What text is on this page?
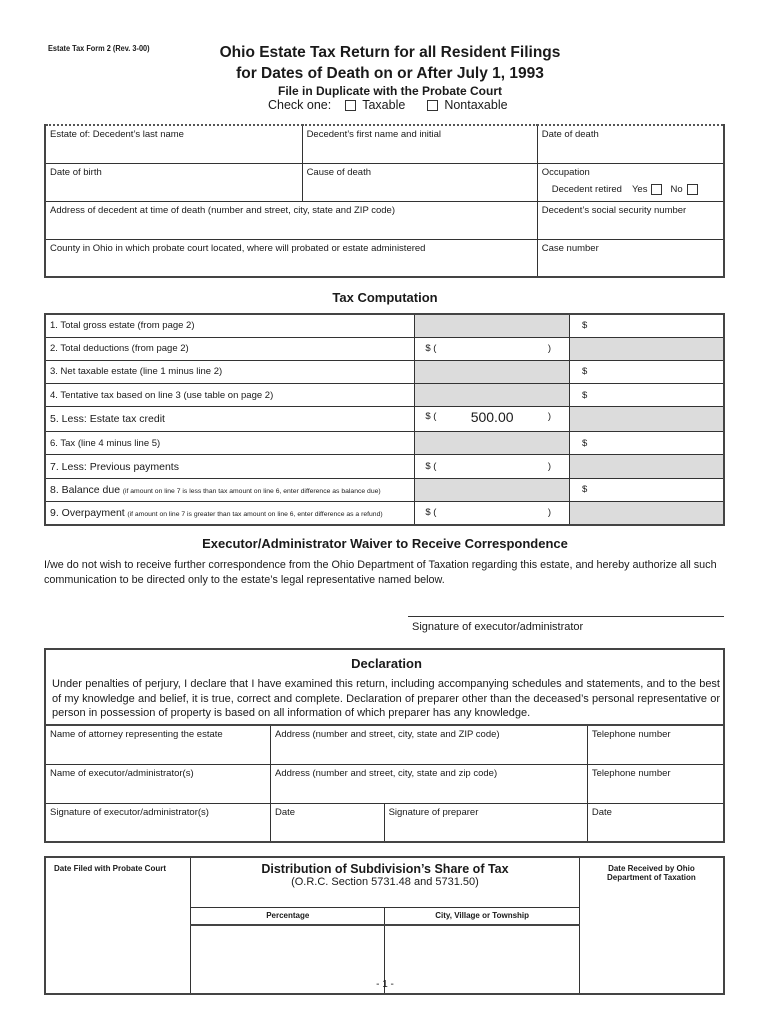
Estate Tax Form 2 (Rev. 3-00)	Ohio Estate Tax Return for all Resident Filings
for Dates of Death on or After July 1, 1993
File in Duplicate with the Probate Court
Check one: Taxable	Nontaxable
Estate of: Decedent’s last name	Decedent’s first name and initial	Date of death
Date of birth	Cause of death	Occupation
Decedent retired Yes No

Address of decedent at time of death (number and street, city, state and ZIP code)		Decedent’s social security number
County in Ohio in which probate court located, where will probated or estate administered		Case number
Tax Computation
1. Total gross estate (from page 2)		$
2. Total deductions (from page 2)	$ ( )	

3. Net taxable estate (line 1 minus line 2)		$
4. Tentative tax based on line 3 (use table on page 2)		$
5. Less: Estate tax credit	$ ( 500.00 )	

6. Tax (line 4 minus line 5)		$
7. Less: Previous payments	$ ( )	

8. Balance due (if amount on line 7 is less than tax amount on line 6, enter difference as balance due)		$
9. Overpayment (if amount on line 7 is greater than tax amount on line 6, enter difference as a refund)	$ ( )	

Executor/Administrator Waiver to Receive Correspondence
I/we do not wish to receive further correspondence from the Ohio Department of Taxation regarding this estate, and hereby authorize all such communication to be directed only to the estate’s legal representative named below.
Signature of executor/administrator
Declaration
Under penalties of perjury, I declare that I have examined this return, including accompanying schedules and statements, and to the best of my knowledge and belief, it is true, correct and complete. Declaration of preparer other than the deceased’s personal representative or person in possession of property is based on all information of which preparer has any knowledge.
Name of attorney representing the estate	Address (number and street, city, state and ZIP code)		Telephone number
Name of executor/administrator(s)	Address (number and street, city, state and zip code)		Telephone number
Signature of executor/administrator(s)	Date	Signature of preparer	Date
Date Filed with Probate Court	Distribution of Subdivision’s Share of Tax
(O.R.C. Section 5731.48 and 5731.50)		Date Received by Ohio Department of Taxation
	Percentage	City, Village or Township	

- 1 -
